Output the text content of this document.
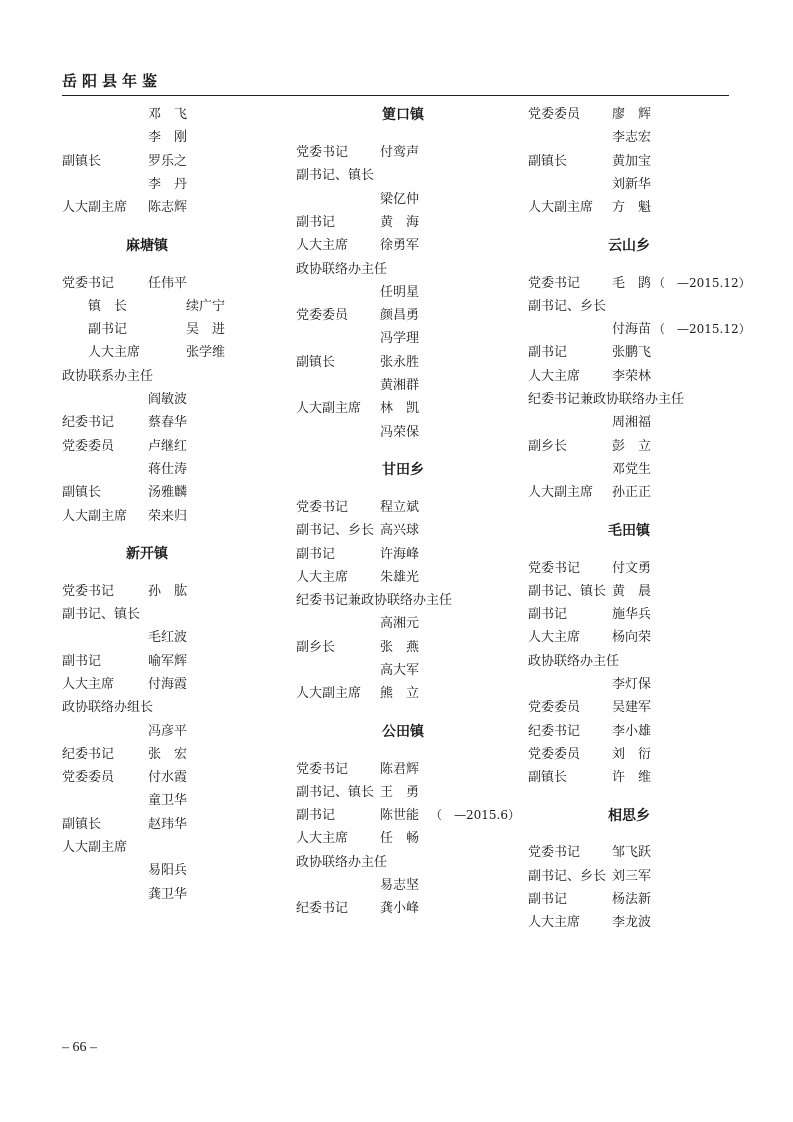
岳阳县年鉴
邓　飞
李　刚
副镇长	罗乐之
李　丹
人大副主席 陈志辉
麻塘镇
党委书记	任伟平
　　镇　长	续广宁
　　副书记	吴　进
　　人大主席	张学维
政协联系办主任
阎敏波
纪委书记	蔡春华
党委委员	卢继红
蒋仕涛
副镇长	汤雅麟
人大副主席 荣来归
新开镇
党委书记	孙　肱
副书记、镇长
毛红波
副书记	喻军辉
人大主席	付海霞
政协联络办组长
冯彦平
纪委书记	张　宏
党委委员	付水霞
童卫华
副镇长	赵玮华
人大副主席
易阳兵
龚卫华
筻口镇
党委书记 付鸾声
副书记、镇长
梁亿仲
副书记	黄　海
人大主席 徐勇军
政协联络办主任
任明星
党委委员 颜昌勇
冯学理
副镇长	张永胜
黄湘群
人大副主席 林　凯
冯荣保
甘田乡
党委书记 程立斌
副书记、乡长 高兴球
副书记	许海峰
人大主席 朱雄光
纪委书记兼政协联络办主任
高湘元
副乡长	张　燕
高大军
人大副主席 熊　立
公田镇
党委书记 陈君辉
副书记、镇长 王　勇
副书记	陈世能 （　—2015.6）
人大主席 任　畅
政协联络办主任
易志坚
纪委书记 龚小峰
党委委员 廖　辉
李志宏
副镇长	黄加宝
刘新华
人大副主席 方　魁
云山乡
党委书记 毛　鹍 （　—2015.12）
副书记、乡长
付海苗 （　—2015.12）
副书记	张鹏飞
人大主席 李荣林
纪委书记兼政协联络办主任
周湘福
副乡长	彭　立
邓党生
人大副主席 孙正正
毛田镇
党委书记 付文勇
副书记、镇长 黄　晨
副书记	施华兵
人大主席 杨向荣
政协联络办主任
李灯保
党委委员 吴建军
纪委书记 李小雄
党委委员 刘　衍
副镇长	许　维
相思乡
党委书记 邹飞跃
副书记、乡长 刘三军
副书记	杨法新
人大主席 李龙波
– 66 –
